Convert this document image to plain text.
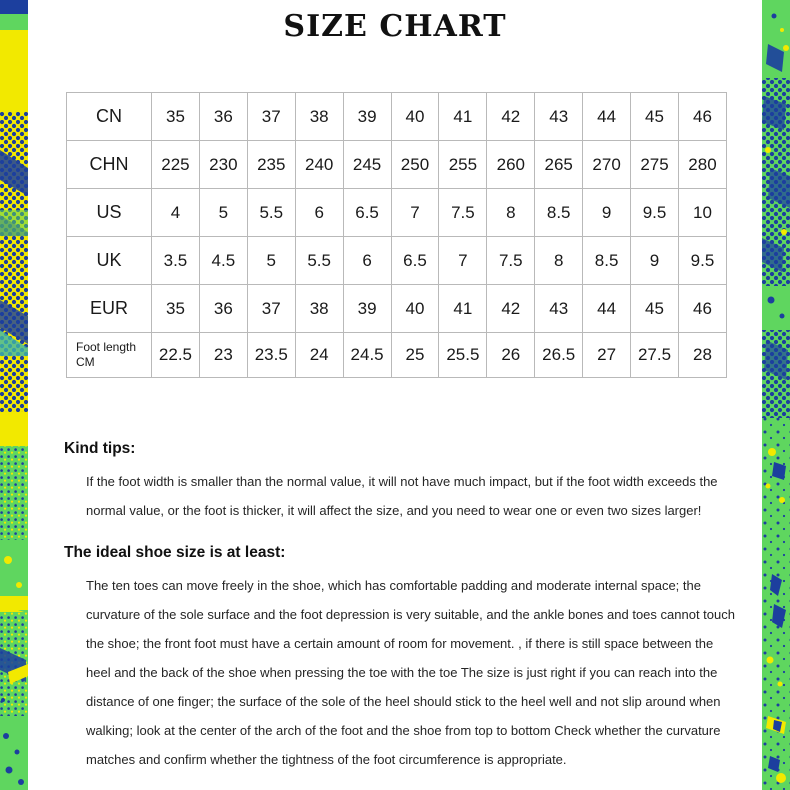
SIZE CHART
CN	35	36	37	38	39	40	41	42	43	44	45	46
CHN	225	230	235	240	245	250	255	260	265	270	275	280
US	4	5	5.5	6	6.5	7	7.5	8	8.5	9	9.5	10
UK	3.5	4.5	5	5.5	6	6.5	7	7.5	8	8.5	9	9.5
EUR	35	36	37	38	39	40	41	42	43	44	45	46
Foot length CM	22.5	23	23.5	24	24.5	25	25.5	26	26.5	27	27.5	28
Kind tips:

If the foot width is smaller than the normal value, it will not have much impact, but if the foot width exceeds the normal value, or the foot is thicker, it will affect the size, and you need to wear one or even two sizes larger!

The ideal shoe size is at least:

The ten toes can move freely in the shoe, which has comfortable padding and moderate internal space; the curvature of the sole surface and the foot depression is very suitable, and the ankle bones and toes cannot touch the shoe; the front foot must have a certain amount of room for movement. , if there is still space between the heel and the back of the shoe when pressing the toe with the toe The size is just right if you can reach into the distance of one finger; the surface of the sole of the heel should stick to the heel well and not slip around when walking; look at the center of the arch of the foot and the shoe from top to bottom Check whether the curvature matches and confirm whether the tightness of the foot circumference is appropriate.
